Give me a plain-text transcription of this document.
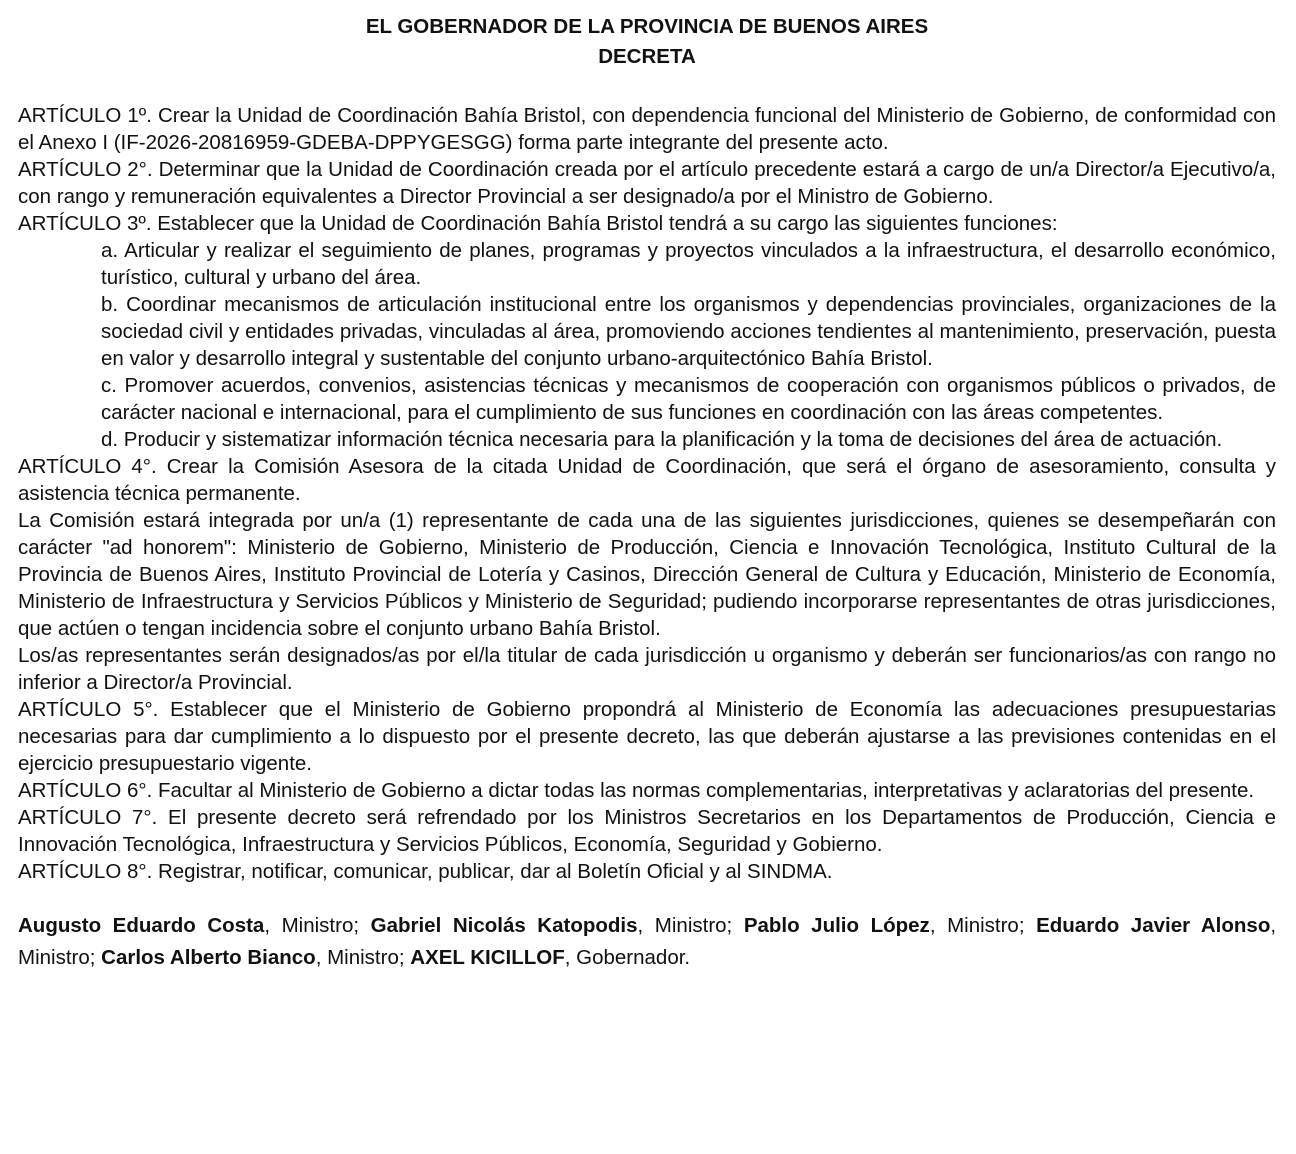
EL GOBERNADOR DE LA PROVINCIA DE BUENOS AIRES

DECRETA

ARTÍCULO 1º. Crear la Unidad de Coordinación Bahía Bristol, con dependencia funcional del Ministerio de Gobierno, de conformidad con el Anexo I (IF-2026-20816959-GDEBA-DPPYGESGG) forma parte integrante del presente acto.

ARTÍCULO 2°. Determinar que la Unidad de Coordinación creada por el artículo precedente estará a cargo de un/a Director/a Ejecutivo/a, con rango y remuneración equivalentes a Director Provincial a ser designado/a por el Ministro de Gobierno.

ARTÍCULO 3º. Establecer que la Unidad de Coordinación Bahía Bristol tendrá a su cargo las siguientes funciones:

a. Articular y realizar el seguimiento de planes, programas y proyectos vinculados a la infraestructura, el desarrollo económico, turístico, cultural y urbano del área.

b. Coordinar mecanismos de articulación institucional entre los organismos y dependencias provinciales, organizaciones de la sociedad civil y entidades privadas, vinculadas al área, promoviendo acciones tendientes al mantenimiento, preservación, puesta en valor y desarrollo integral y sustentable del conjunto urbano-arquitectónico Bahía Bristol.

c. Promover acuerdos, convenios, asistencias técnicas y mecanismos de cooperación con organismos públicos o privados, de carácter nacional e internacional, para el cumplimiento de sus funciones en coordinación con las áreas competentes.

d. Producir y sistematizar información técnica necesaria para la planificación y la toma de decisiones del área de actuación.

ARTÍCULO 4°. Crear la Comisión Asesora de la citada Unidad de Coordinación, que será el órgano de asesoramiento, consulta y asistencia técnica permanente.

La Comisión estará integrada por un/a (1) representante de cada una de las siguientes jurisdicciones, quienes se desempeñarán con carácter "ad honorem": Ministerio de Gobierno, Ministerio de Producción, Ciencia e Innovación Tecnológica, Instituto Cultural de la Provincia de Buenos Aires, Instituto Provincial de Lotería y Casinos, Dirección General de Cultura y Educación, Ministerio de Economía, Ministerio de Infraestructura y Servicios Públicos y Ministerio de Seguridad; pudiendo incorporarse representantes de otras jurisdicciones, que actúen o tengan incidencia sobre el conjunto urbano Bahía Bristol.

Los/as representantes serán designados/as por el/la titular de cada jurisdicción u organismo y deberán ser funcionarios/as con rango no inferior a Director/a Provincial.

ARTÍCULO 5°. Establecer que el Ministerio de Gobierno propondrá al Ministerio de Economía las adecuaciones presupuestarias necesarias para dar cumplimiento a lo dispuesto por el presente decreto, las que deberán ajustarse a las previsiones contenidas en el ejercicio presupuestario vigente.

ARTÍCULO 6°. Facultar al Ministerio de Gobierno a dictar todas las normas complementarias, interpretativas y aclaratorias del presente.

ARTÍCULO 7°. El presente decreto será refrendado por los Ministros Secretarios en los Departamentos de Producción, Ciencia e Innovación Tecnológica, Infraestructura y Servicios Públicos, Economía, Seguridad y Gobierno.

ARTÍCULO 8°. Registrar, notificar, comunicar, publicar, dar al Boletín Oficial y al SINDMA.

Augusto Eduardo Costa, Ministro; Gabriel Nicolás Katopodis, Ministro; Pablo Julio López, Ministro; Eduardo Javier Alonso, Ministro; Carlos Alberto Bianco, Ministro; AXEL KICILLOF, Gobernador.
